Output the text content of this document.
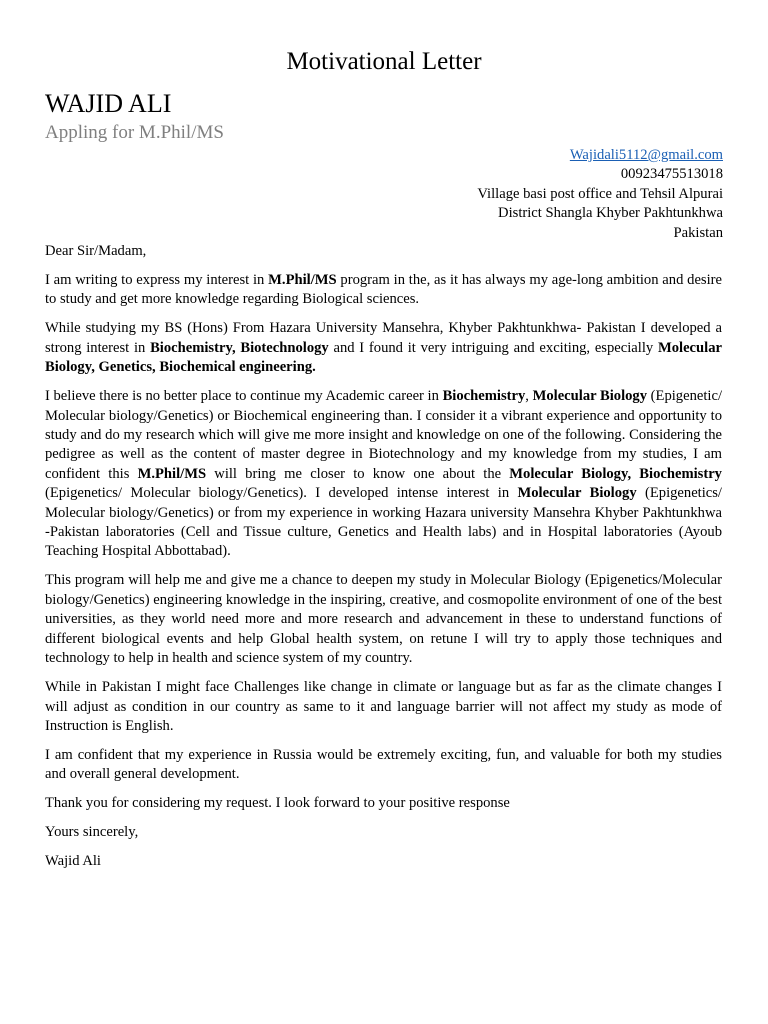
Motivational Letter
WAJID ALI
Appling for M.Phil/MS
Wajidali5112@gmail.com
00923475513018
Village basi post office and Tehsil Alpurai
District Shangla Khyber Pakhtunkhwa
Pakistan

Dear Sir/Madam,

I am writing to express my interest in M.Phil/MS program in the, as it has always my age-long ambition and desire to study and get more knowledge regarding Biological sciences.

While studying my BS (Hons) From Hazara University Mansehra, Khyber Pakhtunkhwa- Pakistan I developed a strong interest in Biochemistry, Biotechnology and I found it very intriguing and exciting, especially Molecular Biology, Genetics, Biochemical engineering.

I believe there is no better place to continue my Academic career in Biochemistry, Molecular Biology (Epigenetic/ Molecular biology/Genetics) or Biochemical engineering than. I consider it a vibrant experience and opportunity to study and do my research which will give me more insight and knowledge on one of the following. Considering the pedigree as well as the content of master degree in Biotechnology and my knowledge from my studies, I am confident this M.Phil/MS will bring me closer to know one about the Molecular Biology, Biochemistry (Epigenetics/ Molecular biology/Genetics). I developed intense interest in Molecular Biology (Epigenetics/ Molecular biology/Genetics) or from my experience in working Hazara university Mansehra Khyber Pakhtunkhwa -Pakistan laboratories (Cell and Tissue culture, Genetics and Health labs) and in Hospital laboratories (Ayoub Teaching Hospital Abbottabad).

This program will help me and give me a chance to deepen my study in Molecular Biology (Epigenetics/Molecular biology/Genetics) engineering knowledge in the inspiring, creative, and cosmopolite environment of one of the best universities, as they world need more and more research and advancement in these to understand functions of different biological events and help Global health system, on retune I will try to apply those techniques and technology to help in health and science system of my country.

While in Pakistan I might face Challenges like change in climate or language but as far as the climate changes I will adjust as condition in our country as same to it and language barrier will not affect my study as mode of Instruction is English.

I am confident that my experience in Russia would be extremely exciting, fun, and valuable for both my studies and overall general development.

Thank you for considering my request. I look forward to your positive response

Yours sincerely,

Wajid Ali
